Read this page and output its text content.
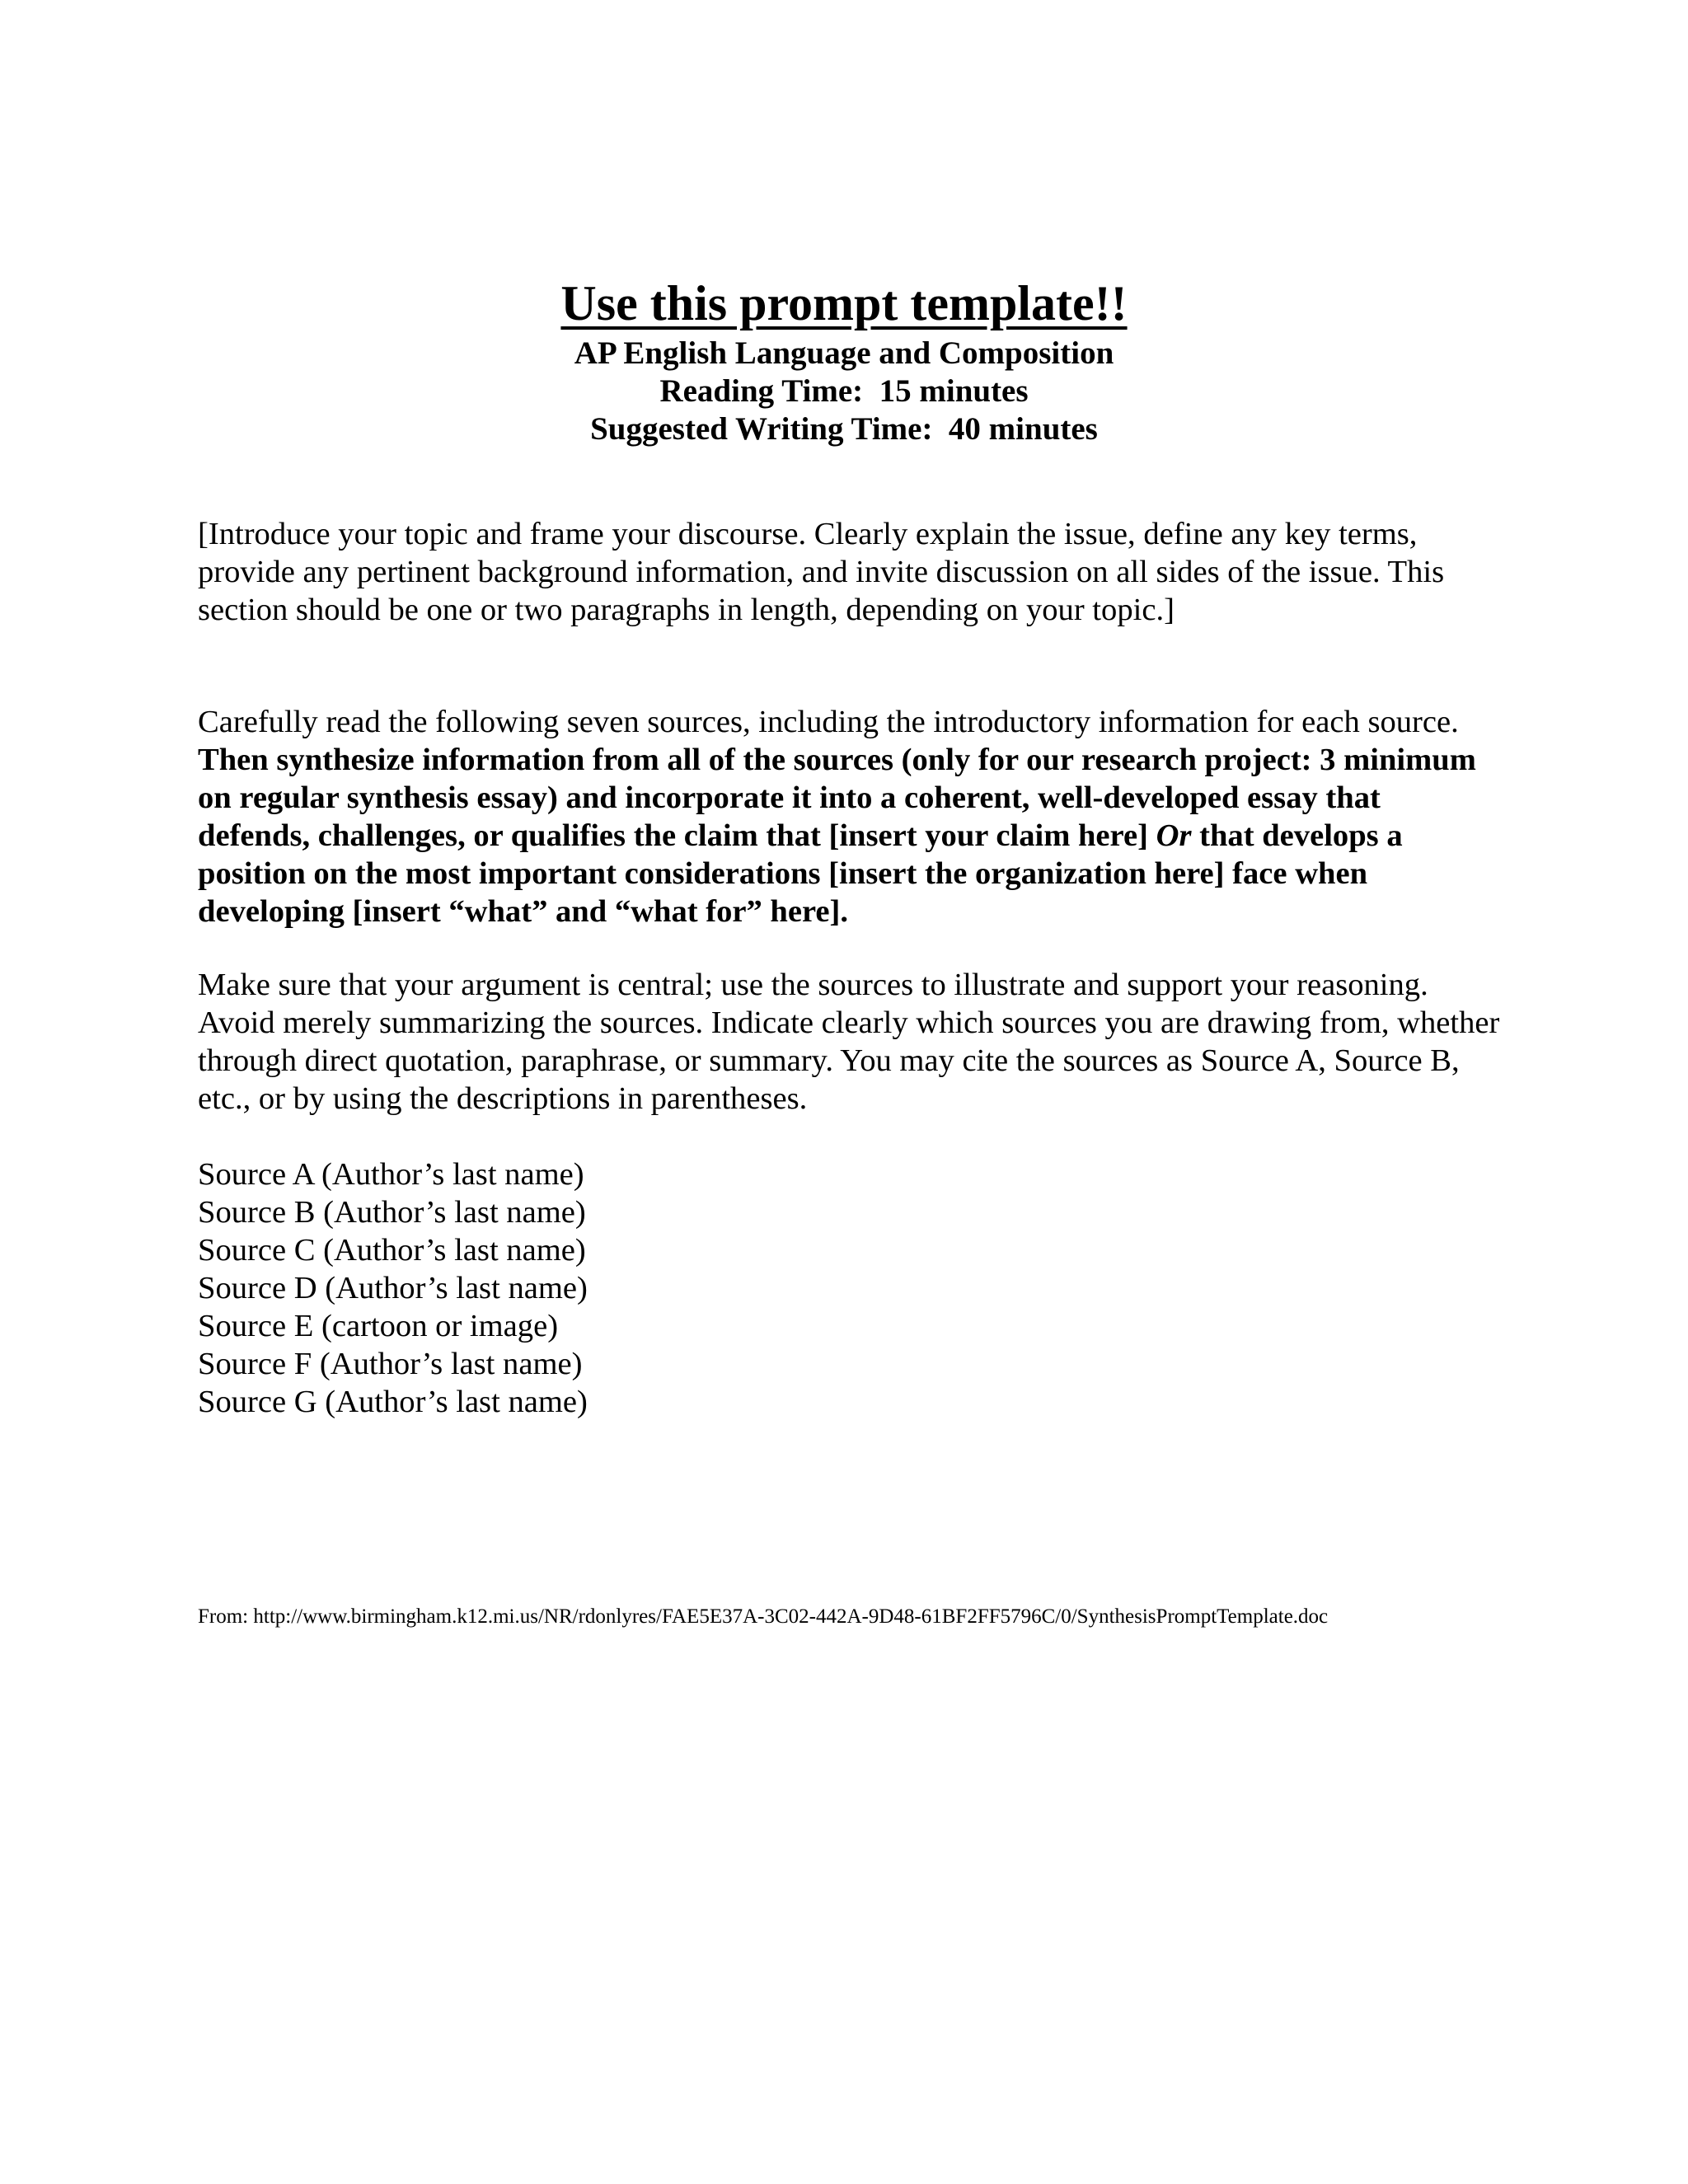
Use this prompt template!!

AP English Language and Composition

Reading Time:  15 minutes

Suggested Writing Time:  40 minutes

[Introduce your topic and frame your discourse. Clearly explain the issue, define any key terms, provide any pertinent background information, and invite discussion on all sides of the issue. This section should be one or two paragraphs in length, depending on your topic.]

Carefully read the following seven sources, including the introductory information for each source. Then synthesize information from all of the sources (only for our research project: 3 minimum on regular synthesis essay) and incorporate it into a coherent, well-developed essay that defends, challenges, or qualifies the claim that [insert your claim here] Or that develops a position on the most important considerations [insert the organization here] face when developing [insert “what” and “what for” here].

Make sure that your argument is central; use the sources to illustrate and support your reasoning. Avoid merely summarizing the sources. Indicate clearly which sources you are drawing from, whether through direct quotation, paraphrase, or summary. You may cite the sources as Source A, Source B, etc., or by using the descriptions in parentheses.

Source A (Author’s last name)
Source B (Author’s last name)
Source C (Author’s last name)
Source D (Author’s last name)
Source E (cartoon or image)
Source F (Author’s last name)
Source G (Author’s last name)

From: http://www.birmingham.k12.mi.us/NR/rdonlyres/FAE5E37A-3C02-442A-9D48-61BF2FF5796C/0/SynthesisPromptTemplate.doc
